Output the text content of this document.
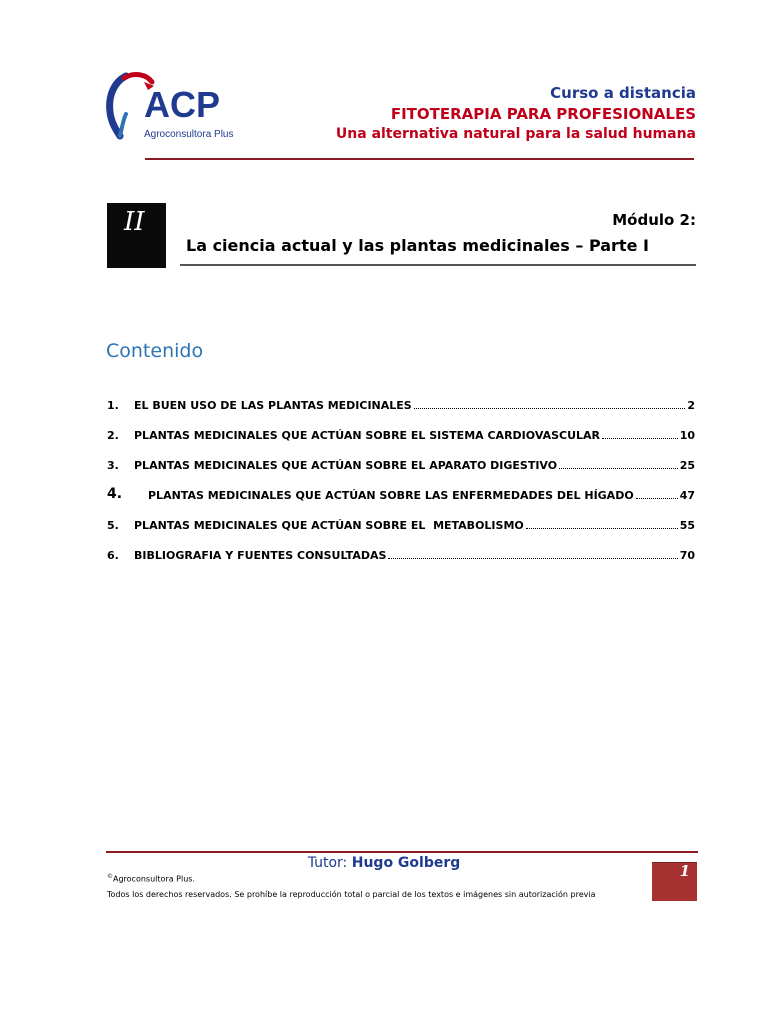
ACP
Agroconsultora Plus
Curso a distancia
FITOTERAPIA PARA PROFESIONALES
Una alternativa natural para la salud humana
II	Módulo 2:
La ciencia actual y las plantas medicinales – Parte I
Contenido
1.	EL BUEN USO DE LAS PLANTAS MEDICINALES	2
2.	PLANTAS MEDICINALES QUE ACTÚAN SOBRE EL SISTEMA CARDIOVASCULAR	10
3.	PLANTAS MEDICINALES QUE ACTÚAN SOBRE EL APARATO DIGESTIVO	25
4.	PLANTAS MEDICINALES QUE ACTÚAN SOBRE LAS ENFERMEDADES DEL HÍGADO	47
5.	PLANTAS MEDICINALES QUE ACTÚAN SOBRE EL  METABOLISMO	55
6.	BIBLIOGRAFIA Y FUENTES CONSULTADAS	70
Tutor: Hugo Golberg
©Agroconsultora Plus.
Todos los derechos reservados. Se prohíbe la reproducción total o parcial de los textos e imágenes sin autorización previa
1
